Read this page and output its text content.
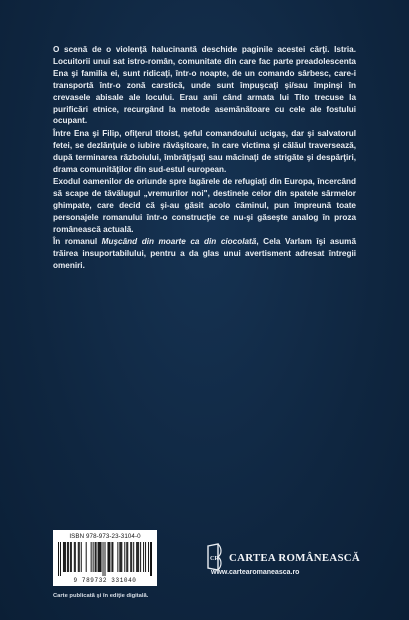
O scenă de o violenţă halucinantă deschide paginile acestei cărţi. Istria. Locuitorii unui sat istro-român, comunitate din care fac parte preadolescenta Ena şi familia ei, sunt ridicaţi, într-o noapte, de un comando sârbesc, care-i transportă într-o zonă carstică, unde sunt împuşcaţi şi/sau împinşi în crevasele abisale ale locului. Erau anii când armata lui Tito trecuse la purificări etnice, recurgând la metode asemănătoare cu cele ale fostului ocupant.

Între Ena şi Filip, ofiţerul titoist, şeful comandoului ucigaş, dar şi salvatorul fetei, se dezlănţuie o iubire răvăşitoare, în care victima şi călăul traversează, după terminarea războiului, îmbrăţişaţi sau măcinaţi de strigăte şi despărţiri, drama comunităţilor din sud-estul european.

Exodul oamenilor de oriunde spre lagărele de refugiaţi din Europa, încercând să scape de tăvălugul „vremurilor noi", destinele celor din spatele sârmelor ghimpate, care decid că şi-au găsit acolo căminul, pun împreună toate personajele romanului într-o construcţie ce nu-şi găseşte analog în proza românească actuală.

În romanul Muşcând din moarte ca din ciocolată, Cela Varlam îşi asumă trăirea insuportabilului, pentru a da glas unui avertisment adresat întregii omeniri.

ISBN 978-973-23-3104-0
9 789732 331040
Carte publicată şi în ediţie digitală.
CR CARTEA ROMÂNEASCĂ
www.cartearomaneasca.ro
